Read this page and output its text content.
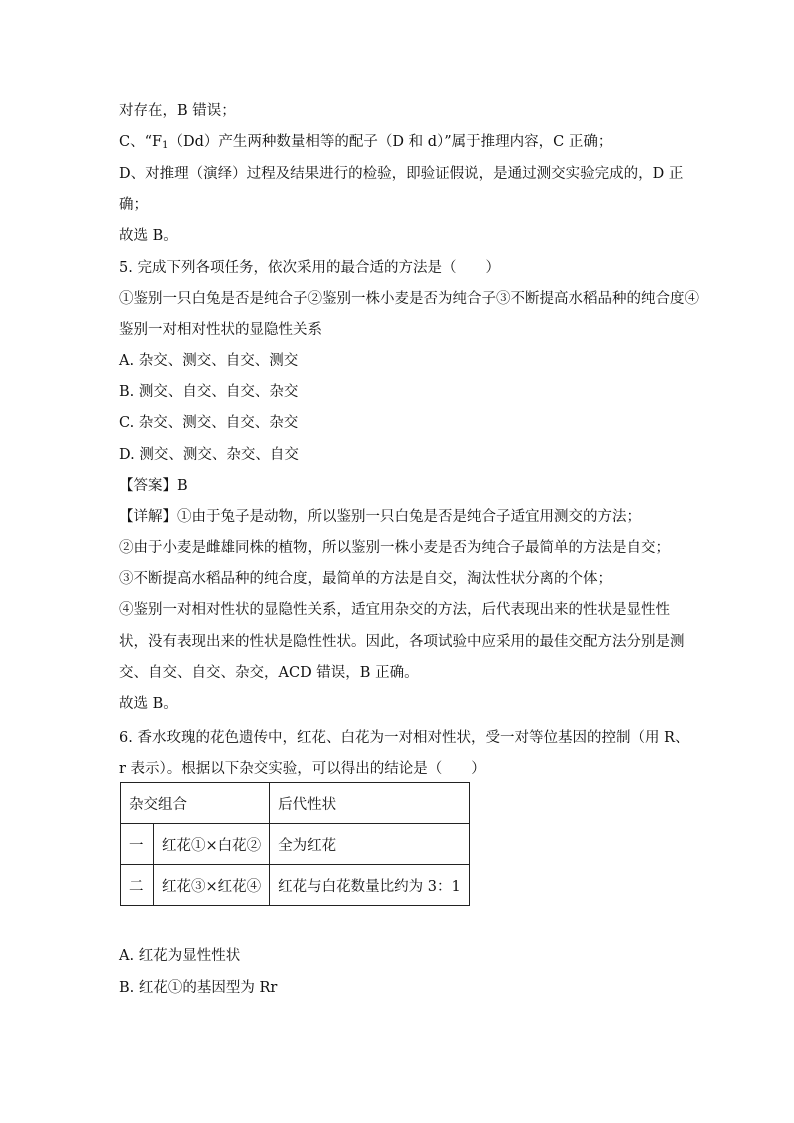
对存在，B 错误；
C、“$F_1(Dd)$产生两种数量相等的配子（D 和 d）”属于推理内容，C 正确；
D、对推理（演绎）过程及结果进行的检验，即验证假说，是通过测交实验完成的，D 正
确；
故选 B。
5. 完成下列各项任务，依次采用的最合适的方法是（　　）
①鉴别一只白兔是否是纯合子②鉴别一株小麦是否为纯合子③不断提高水稻品种的纯合度④
鉴别一对相对性状的显隐性关系
A. 杂交、测交、自交、测交
B. 测交、自交、自交、杂交
C. 杂交、测交、自交、杂交
D. 测交、测交、杂交、自交
【答案】B
【详解】①由于兔子是动物，所以鉴别一只白兔是否是纯合子适宜用测交的方法；
②由于小麦是雌雄同株的植物，所以鉴别一株小麦是否为纯合子最简单的方法是自交；
③不断提高水稻品种的纯合度，最简单的方法是自交，淘汰性状分离的个体；
④鉴别一对相对性状的显隐性关系，适宜用杂交的方法，后代表现出来的性状是显性性
状，没有表现出来的性状是隐性性状。因此，各项试验中应采用的最佳交配方法分别是测
交、自交、自交、杂交，ACD 错误，B 正确。
故选 B。
6. 香水玫瑰的花色遗传中，红花、白花为一对相对性状，受一对等位基因的控制（用 R、
r 表示）。根据以下杂交实验，可以得出的结论是（　　）
杂交组合		后代性状
一	红花①×白花②	全为红花
二	红花③×红花④	红花与白花数量比约为 3：1
A. 红花为显性性状
B. 红花①的基因型为 Rr
